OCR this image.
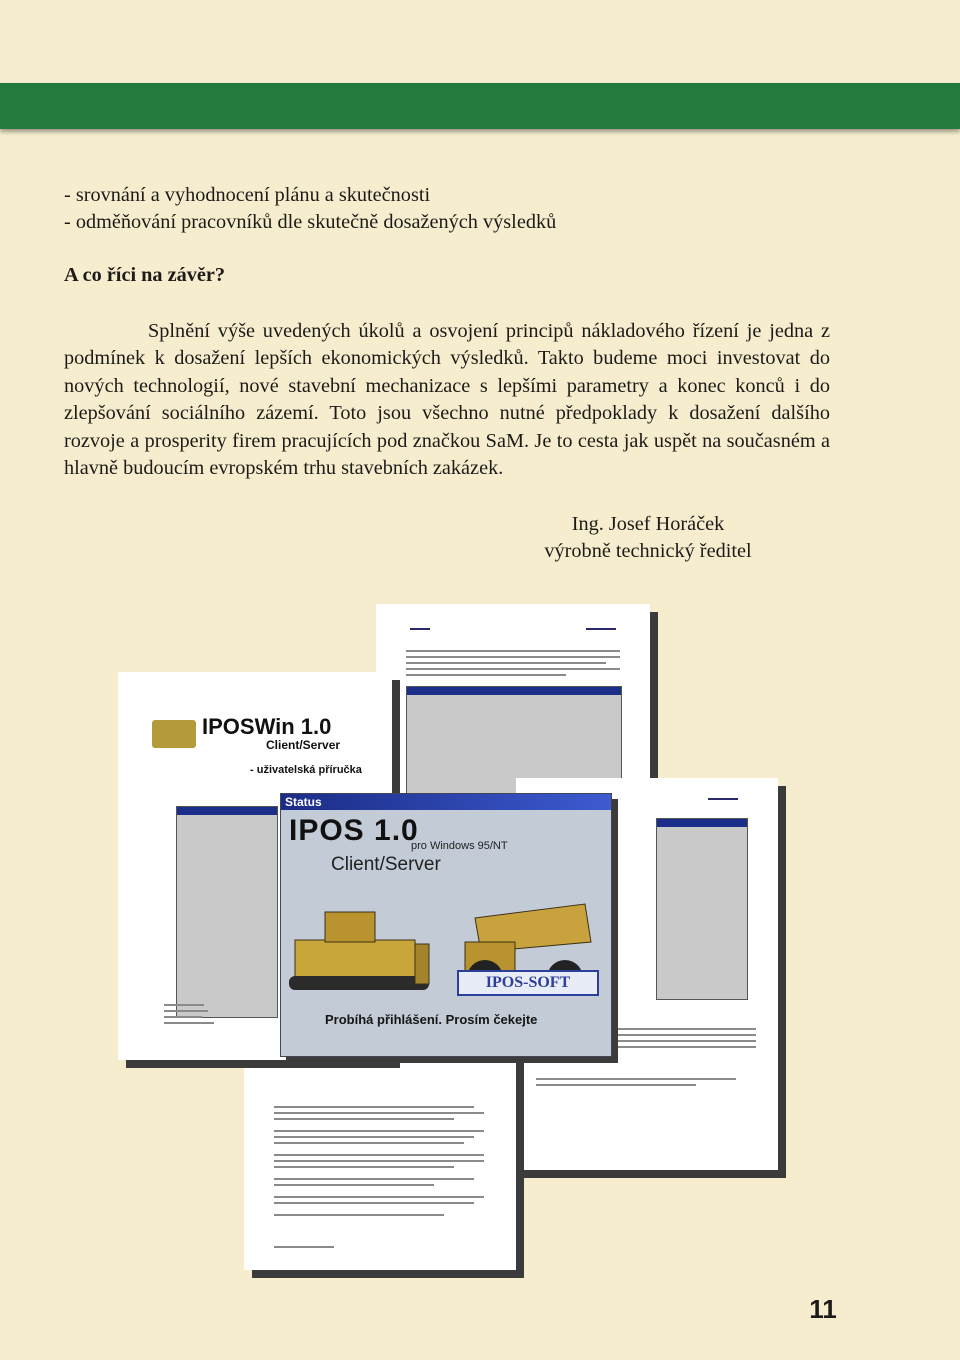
- srovnání a vyhodnocení plánu a skutečnosti
- odměňování pracovníků dle skutečně dosažených výsledků
A co říci na závěr?

Splnění výše uvedených úkolů a osvojení principů nákladového řízení je jedna z podmínek k dosažení lepších ekonomických výsledků. Takto budeme moci investovat do nových technologií, nové stavební mechanizace s lepšími parametry a konec konců i do zlepšování sociálního zázemí. Toto jsou všechno nutné předpoklady k dosažení dalšího rozvoje a prosperity firem pracujících pod značkou SaM. Je to cesta jak uspět na současném a hlavně budoucím evropském trhu stavebních zakázek.

Ing. Josef Horáček
výrobně technický ředitel
IPOSWin 1.0
Client/Server
- uživatelská příručka
Status
IPOS 1.0
pro Windows 95/NT
Client/Server
IPOS-SOFT
Probíhá přihlášení. Prosím čekejte
11
